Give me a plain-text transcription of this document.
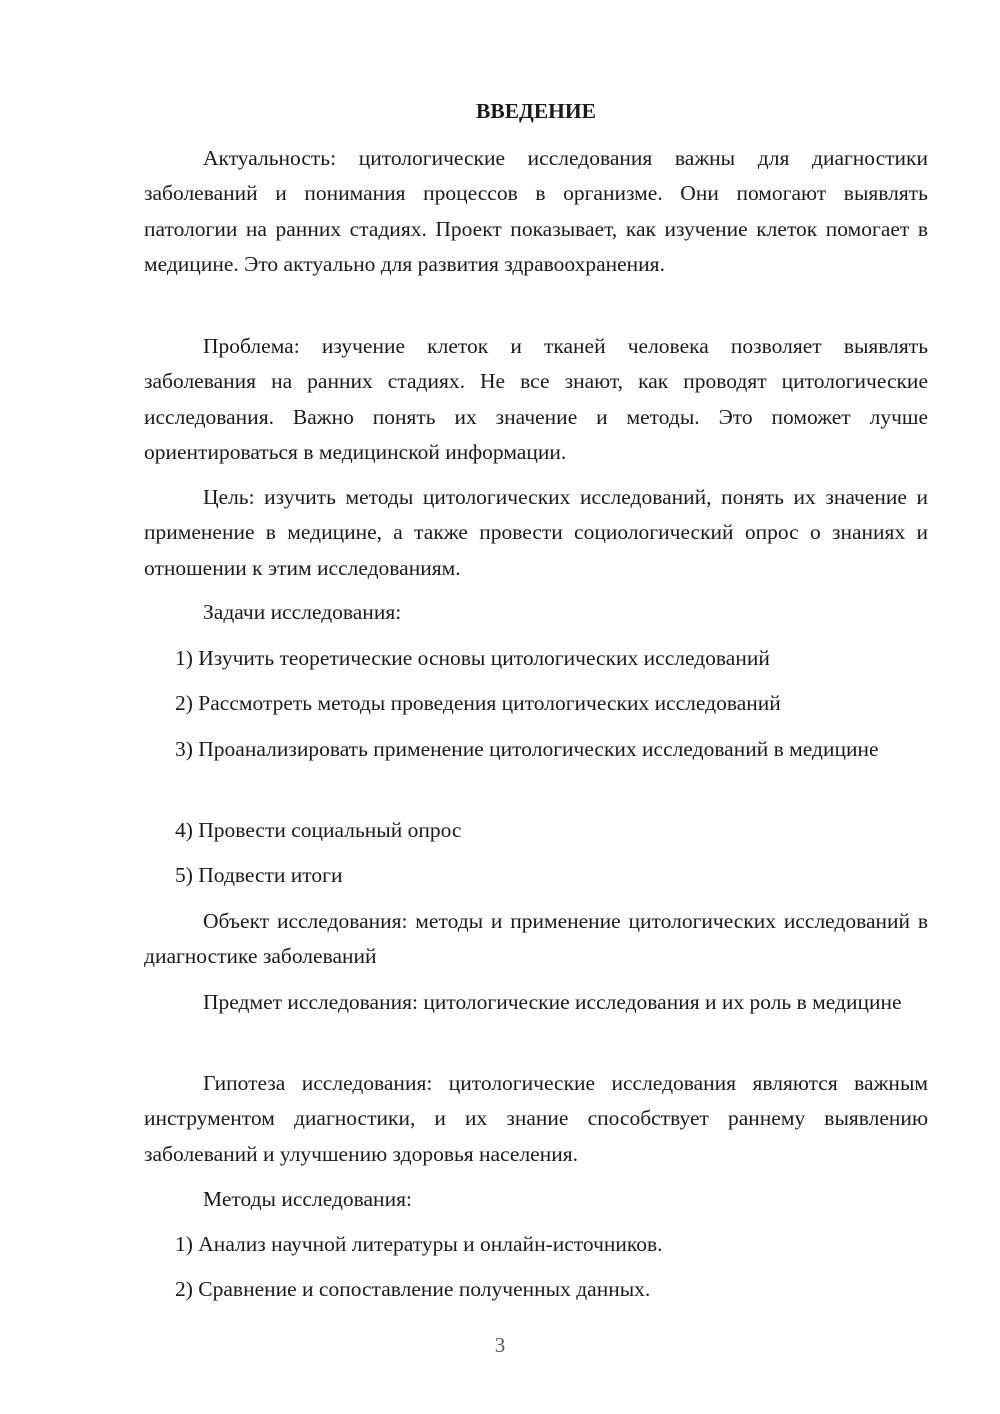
ВВЕДЕНИЕ

Актуальность: цитологические исследования важны для диагностики заболеваний и понимания процессов в организме. Они помогают выявлять патологии на ранних стадиях. Проект показывает, как изучение клеток помогает в медицине. Это актуально для развития здравоохранения.

Проблема: изучение клеток и тканей человека позволяет выявлять заболевания на ранних стадиях. Не все знают, как проводят цитологические исследования. Важно понять их значение и методы. Это поможет лучше ориентироваться в медицинской информации.

Цель: изучить методы цитологических исследований, понять их значение и применение в медицине, а также провести социологический опрос о знаниях и отношении к этим исследованиям.

Задачи исследования:

1) Изучить теоретические основы цитологических исследований

2) Рассмотреть методы проведения цитологических исследований

3) Проанализировать применение цитологических исследований в медицине

4) Провести социальный опрос

5) Подвести итоги

Объект исследования: методы и применение цитологических исследований в диагностике заболеваний

Предмет исследования: цитологические исследования и их роль в медицине

Гипотеза исследования: цитологические исследования являются важным инструментом диагностики, и их знание способствует раннему выявлению заболеваний и улучшению здоровья населения.

Методы исследования:

1) Анализ научной литературы и онлайн-источников.

2) Сравнение и сопоставление полученных данных.

3
